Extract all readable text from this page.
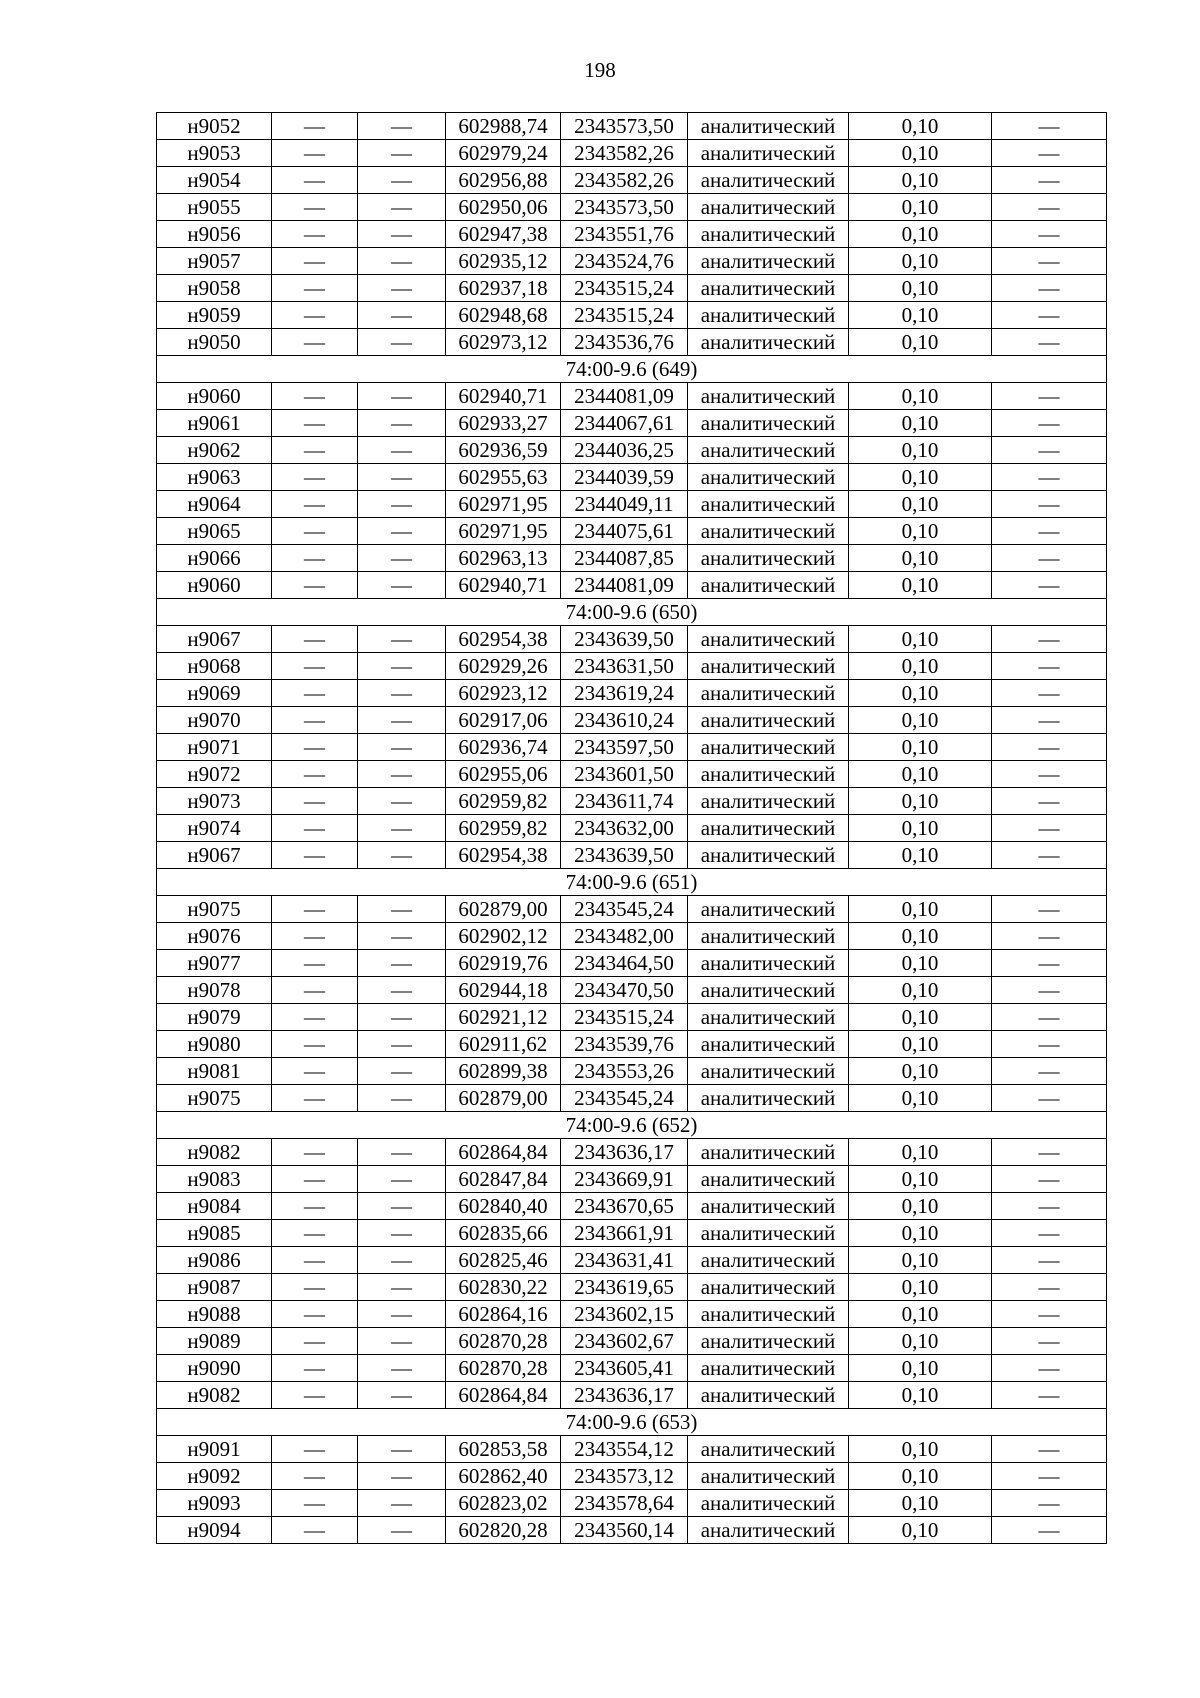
198
н9052	—	—	602988,74	2343573,50	аналитический	0,10	—
н9053	—	—	602979,24	2343582,26	аналитический	0,10	—
н9054	—	—	602956,88	2343582,26	аналитический	0,10	—
н9055	—	—	602950,06	2343573,50	аналитический	0,10	—
н9056	—	—	602947,38	2343551,76	аналитический	0,10	—
н9057	—	—	602935,12	2343524,76	аналитический	0,10	—
н9058	—	—	602937,18	2343515,24	аналитический	0,10	—
н9059	—	—	602948,68	2343515,24	аналитический	0,10	—
н9050	—	—	602973,12	2343536,76	аналитический	0,10	—
74:00-9.6 (649)							
н9060	—	—	602940,71	2344081,09	аналитический	0,10	—
н9061	—	—	602933,27	2344067,61	аналитический	0,10	—
н9062	—	—	602936,59	2344036,25	аналитический	0,10	—
н9063	—	—	602955,63	2344039,59	аналитический	0,10	—
н9064	—	—	602971,95	2344049,11	аналитический	0,10	—
н9065	—	—	602971,95	2344075,61	аналитический	0,10	—
н9066	—	—	602963,13	2344087,85	аналитический	0,10	—
н9060	—	—	602940,71	2344081,09	аналитический	0,10	—
74:00-9.6 (650)							
н9067	—	—	602954,38	2343639,50	аналитический	0,10	—
н9068	—	—	602929,26	2343631,50	аналитический	0,10	—
н9069	—	—	602923,12	2343619,24	аналитический	0,10	—
н9070	—	—	602917,06	2343610,24	аналитический	0,10	—
н9071	—	—	602936,74	2343597,50	аналитический	0,10	—
н9072	—	—	602955,06	2343601,50	аналитический	0,10	—
н9073	—	—	602959,82	2343611,74	аналитический	0,10	—
н9074	—	—	602959,82	2343632,00	аналитический	0,10	—
н9067	—	—	602954,38	2343639,50	аналитический	0,10	—
74:00-9.6 (651)							
н9075	—	—	602879,00	2343545,24	аналитический	0,10	—
н9076	—	—	602902,12	2343482,00	аналитический	0,10	—
н9077	—	—	602919,76	2343464,50	аналитический	0,10	—
н9078	—	—	602944,18	2343470,50	аналитический	0,10	—
н9079	—	—	602921,12	2343515,24	аналитический	0,10	—
н9080	—	—	602911,62	2343539,76	аналитический	0,10	—
н9081	—	—	602899,38	2343553,26	аналитический	0,10	—
н9075	—	—	602879,00	2343545,24	аналитический	0,10	—
74:00-9.6 (652)							
н9082	—	—	602864,84	2343636,17	аналитический	0,10	—
н9083	—	—	602847,84	2343669,91	аналитический	0,10	—
н9084	—	—	602840,40	2343670,65	аналитический	0,10	—
н9085	—	—	602835,66	2343661,91	аналитический	0,10	—
н9086	—	—	602825,46	2343631,41	аналитический	0,10	—
н9087	—	—	602830,22	2343619,65	аналитический	0,10	—
н9088	—	—	602864,16	2343602,15	аналитический	0,10	—
н9089	—	—	602870,28	2343602,67	аналитический	0,10	—
н9090	—	—	602870,28	2343605,41	аналитический	0,10	—
н9082	—	—	602864,84	2343636,17	аналитический	0,10	—
74:00-9.6 (653)							
н9091	—	—	602853,58	2343554,12	аналитический	0,10	—
н9092	—	—	602862,40	2343573,12	аналитический	0,10	—
н9093	—	—	602823,02	2343578,64	аналитический	0,10	—
н9094	—	—	602820,28	2343560,14	аналитический	0,10	—
